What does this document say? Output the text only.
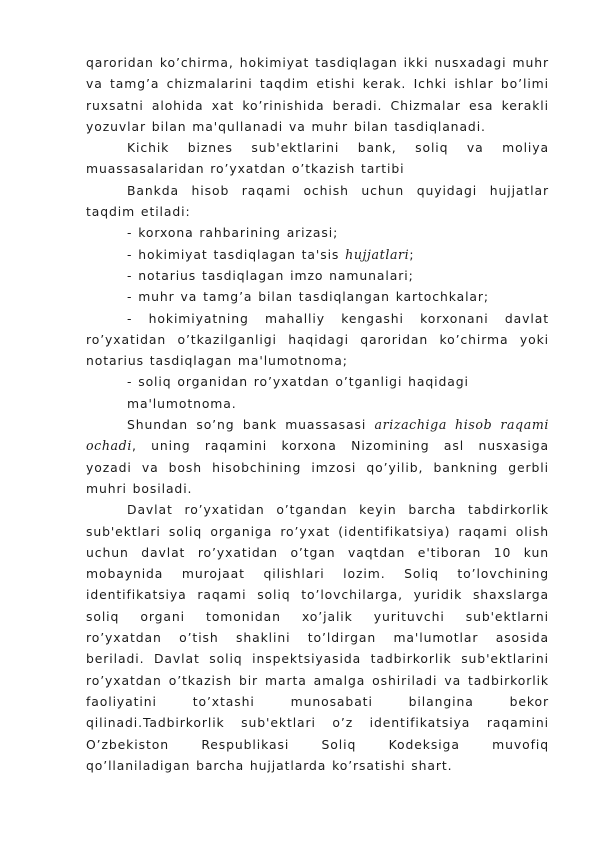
qaroridan ko’chirma, hokimiyat tasdiqlagan ikki nusxadagi muhr va tamg’a chizmalarini taqdim etishi kerak. Ichki ishlar bo’limi ruxsatni alohida xat ko’rinishida beradi. Chizmalar esa kerakli yozuvlar bilan ma'qullanadi va muhr bilan tasdiqlanadi.

Kichik biznes sub'ektlarini bank, soliq va moliya muassasalaridan ro’yxatdan o’tkazish tartibi

Bankda hisob raqami ochish uchun quyidagi hujjatlar taqdim etiladi:

- korxona rahbarining arizasi;

- hokimiyat tasdiqlagan ta'sis hujjatlari;

- notarius tasdiqlagan imzo namunalari;

- muhr va tamg’a bilan tasdiqlangan kartochkalar;

- hokimiyatning mahalliy kengashi korxonani davlat ro’yxatidan o’tkazilganligi haqidagi qaroridan ko’chirma yoki notarius tasdiqlagan ma'lumotnoma;

- soliq organidan ro’yxatdan o’tganligi haqidagi ma'lumotnoma.

Shundan so’ng bank muassasasi arizachiga hisob raqami ochadi, uning raqamini korxona Nizomining asl nusxasiga yozadi va bosh hisobchining imzosi qo’yilib, bankning gerbli muhri bosiladi.

Davlat ro’yxatidan o’tgandan keyin barcha tabdirkorlik sub'ektlari soliq organiga ro’yxat (identifikatsiya) raqami olish uchun davlat ro’yxatidan o’tgan vaqtdan e'tiboran 10 kun mobaynida murojaat qilishlari lozim. Soliq to’lovchining identifikatsiya raqami soliq to’lovchilarga, yuridik shaxslarga soliq organi tomonidan xo’jalik yurituvchi sub'ektlarni ro’yxatdan o’tish shaklini to’ldirgan ma'lumotlar asosida beriladi. Davlat soliq inspektsiyasida tadbirkorlik sub'ektlarini ro’yxatdan o’tkazish bir marta amalga oshiriladi va tadbirkorlik faoliyatini to’xtashi munosabati bilangina bekor qilinadi.Tadbirkorlik sub'ektlari o’z identifikatsiya raqamini O’zbekiston Respublikasi Soliq Kodeksiga muvofiq qo’llaniladigan barcha hujjatlarda ko’rsatishi shart.
